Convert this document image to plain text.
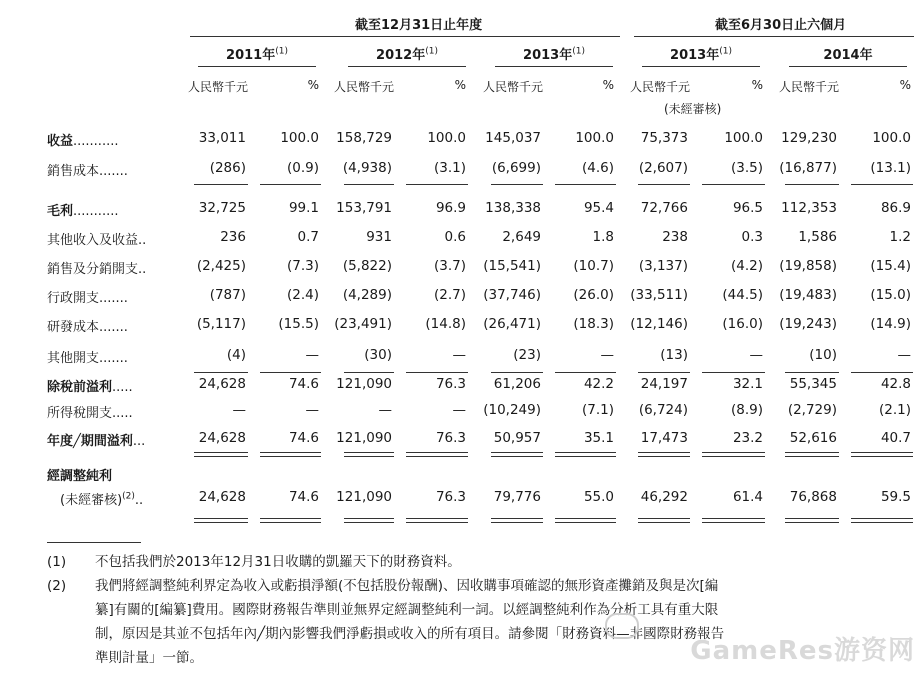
截至12月31日止年度	截至6月30日止六個月
2011年$^{(1)}$	2012年$^{(1)}$	2013年$^{(1)}$	2013年$^{(1)}$	2014年
人民幣千元	% 人民幣千元	% 人民幣千元	% 人民幣千元	% 人民幣千元	%
(未經審核)
收益...........	33,011	100.0	158,729	100.0	145,037	100.0	75,373	100.0	129,230	100.0
銷售成本.......	(286)	(0.9)	(4,938)	(3.1)	(6,699)	(4.6)	(2,607)	(3.5)	(16,877)	(13.1)
毛利...........	32,725	99.1	153,791	96.9	138,338	95.4	72,766	96.5	112,353	86.9
其他收入及收益..	236	0.7	931	0.6	2,649	1.8	238	0.3	1,586	1.2
銷售及分銷開支..	(2,425)	(7.3)	(5,822)	(3.7)	(15,541)	(10.7)	(3,137)	(4.2)	(19,858)	(15.4)
行政開支.......	(787)	(2.4)	(4,289)	(2.7)	(37,746)	(26.0)	(33,511)	(44.5)	(19,483)	(15.0)
研發成本.......	(5,117)	(15.5)	(23,491)	(14.8)	(26,471)	(18.3)	(12,146)	(16.0)	(19,243)	(14.9)
其他開支.......	(4)	—	(30)	—	(23)	—	(13)	—	(10)	—
除稅前溢利.....	24,628	74.6	121,090	76.3	61,206	42.2	24,197	32.1	55,345	42.8
所得稅開支.....	—	—	—	—	(10,249)	(7.1)	(6,724)	(8.9)	(2,729)	(2.1)
年度╱期間溢利...	24,628	74.6	121,090	76.3	50,957	35.1	17,473	23.2	52,616	40.7
經調整純利
(未經審核)$^{(2)}$..	24,628	74.6	121,090	76.3	79,776	55.0	46,292	61.4	76,868	59.5
(1) 不包括我們於2013年12月31日收購的凱羅天下的財務資料。
(2) 我們將經調整純利界定為收入或虧損淨額(不包括股份報酬)、因收購事項確認的無形資產攤銷及與是次[編
纂]有關的[編纂]費用。國際財務報告準則並無界定經調整純利一詞。以經調整純利作為分析工具有重大限
制，原因是其並不包括年內╱期內影響我們淨虧損或收入的所有項目。請參閱「財務資料—非國際財務報告
準則計量」一節。	GameRes游资网
